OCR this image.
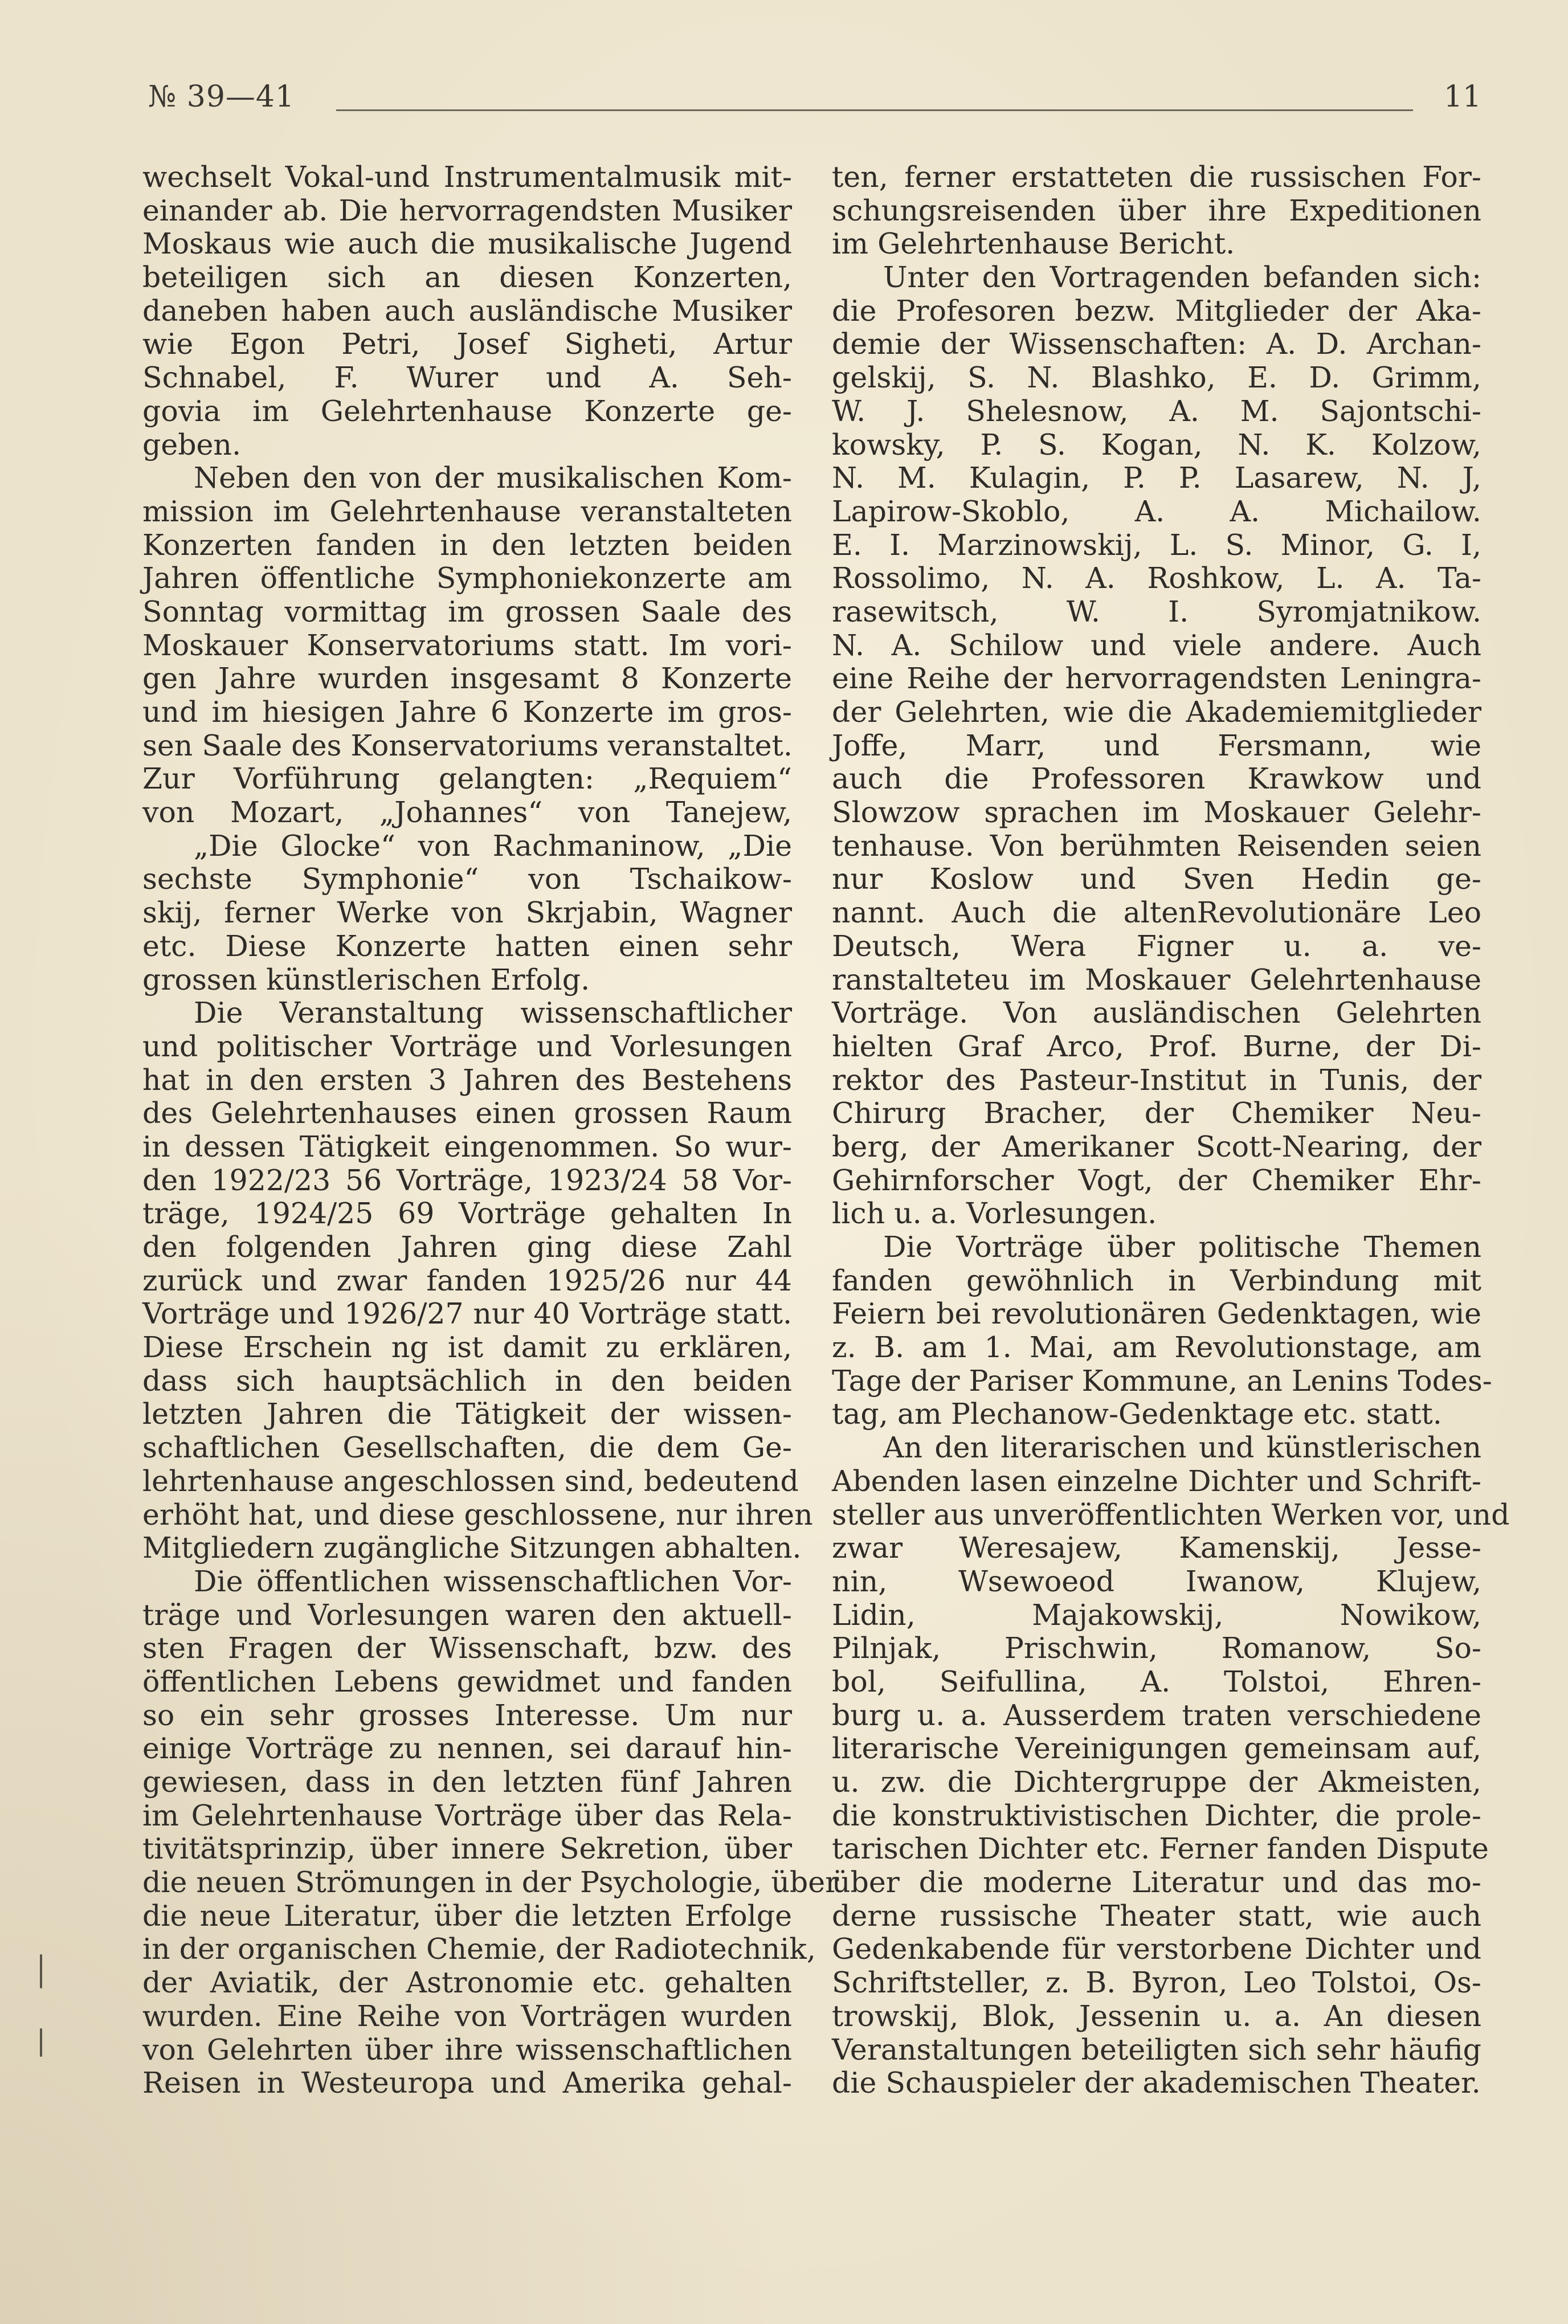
№ 39—41	11
wechselt Vokal-und Instrumentalmusik mit-
einander ab. Die hervorragendsten Musiker
Moskaus wie auch die musikalische Jugend
beteiligen sich an diesen Konzerten,
daneben haben auch ausländische Musiker
wie Egon Petri, Josef Sigheti, Artur
Schnabel, F. Wurer und A. Seh-
govia im Gelehrtenhause Konzerte ge-
geben.
Neben den von der musikalischen Kom-
mission im Gelehrtenhause veranstalteten
Konzerten fanden in den letzten beiden
Jahren öffentliche Symphoniekonzerte am
Sonntag vormittag im grossen Saale des
Moskauer Konservatoriums statt. Im vori-
gen Jahre wurden insgesamt 8 Konzerte
und im hiesigen Jahre 6 Konzerte im gros-
sen Saale des Konservatoriums veranstaltet.
Zur Vorführung gelangten: „Requiem“
von Mozart, „Johannes“ von Tanejew,
„Die Glocke“ von Rachmaninow, „Die
sechste Symphonie“ von Tschaikow-
skij, ferner Werke von Skrjabin, Wagner
etc. Diese Konzerte hatten einen sehr
grossen künstlerischen Erfolg.
Die Veranstaltung wissenschaftlicher
und politischer Vorträge und Vorlesungen
hat in den ersten 3 Jahren des Bestehens
des Gelehrtenhauses einen grossen Raum
in dessen Tätigkeit eingenommen. So wur-
den 1922/23 56 Vorträge, 1923/24 58 Vor-
träge, 1924/25 69 Vorträge gehalten In
den folgenden Jahren ging diese Zahl
zurück und zwar fanden 1925/26 nur 44
Vorträge und 1926/27 nur 40 Vorträge statt.
Diese Erschein ng ist damit zu erklären,
dass sich hauptsächlich in den beiden
letzten Jahren die Tätigkeit der wissen-
schaftlichen Gesellschaften, die dem Ge-
lehrtenhause angeschlossen sind, bedeutend
erhöht hat, und diese geschlossene, nur ihren
Mitgliedern zugängliche Sitzungen abhalten.
Die öffentlichen wissenschaftlichen Vor-
träge und Vorlesungen waren den aktuell-
sten Fragen der Wissenschaft, bzw. des
öffentlichen Lebens gewidmet und fanden
so ein sehr grosses Interesse. Um nur
einige Vorträge zu nennen, sei darauf hin-
gewiesen, dass in den letzten fünf Jahren
im Gelehrtenhause Vorträge über das Rela-
tivitätsprinzip, über innere Sekretion, über
die neuen Strömungen in der Psychologie, über
die neue Literatur, über die letzten Erfolge
in der organischen Chemie, der Radiotechnik,
der Aviatik, der Astronomie etc. gehalten
wurden. Eine Reihe von Vorträgen wurden
von Gelehrten über ihre wissenschaftlichen
Reisen in Westeuropa und Amerika gehal-
ten, ferner erstatteten die russischen For-
schungsreisenden über ihre Expeditionen
im Gelehrtenhause Bericht.
Unter den Vortragenden befanden sich:
die Profesoren bezw. Mitglieder der Aka-
demie der Wissenschaften: A. D. Archan-
gelskij, S. N. Blashko, E. D. Grimm,
W. J. Shelesnow, A. M. Sajontschi-
kowsky, P. S. Kogan, N. K. Kolzow,
N. M. Kulagin, P. P. Lasarew, N. J,
Lapirow-Skoblo, A. A. Michailow.
E. I. Marzinowskij, L. S. Minor, G. I,
Rossolimo, N. A. Roshkow, L. A. Ta-
rasewitsch, W. I. Syromjatnikow.
N. A. Schilow und viele andere. Auch
eine Reihe der hervorragendsten Leningra-
der Gelehrten, wie die Akademiemitglieder
Joffe, Marr, und Fersmann, wie
auch die Professoren Krawkow und
Slowzow sprachen im Moskauer Gelehr-
tenhause. Von berühmten Reisenden seien
nur Koslow und Sven Hedin ge-
nannt. Auch die altenRevolutionäre Leo
Deutsch, Wera Figner u. a. ve-
ranstalteteu im Moskauer Gelehrtenhause
Vorträge. Von ausländischen Gelehrten
hielten Graf Arco, Prof. Burne, der Di-
rektor des Pasteur-Institut in Tunis, der
Chirurg Bracher, der Chemiker Neu-
berg, der Amerikaner Scott-Nearing, der
Gehirnforscher Vogt, der Chemiker Ehr-
lich u. a. Vorlesungen.
Die Vorträge über politische Themen
fanden gewöhnlich in Verbindung mit
Feiern bei revolutionären Gedenktagen, wie
z. B. am 1. Mai, am Revolutionstage, am
Tage der Pariser Kommune, an Lenins Todes-
tag, am Plechanow-Gedenktage etc. statt.
An den literarischen und künstlerischen
Abenden lasen einzelne Dichter und Schrift-
steller aus unveröffentlichten Werken vor, und
zwar Weresajew, Kamenskij, Jesse-
nin, Wsewoeod Iwanow, Klujew,
Lidin, Majakowskij, Nowikow,
Pilnjak, Prischwin, Romanow, So-
bol, Seifullina, A. Tolstoi, Ehren-
burg u. a. Ausserdem traten verschiedene
literarische Vereinigungen gemeinsam auf,
u. zw. die Dichtergruppe der Akmeisten,
die konstruktivistischen Dichter, die prole-
tarischen Dichter etc. Ferner fanden Dispute
über die moderne Literatur und das mo-
derne russische Theater statt, wie auch
Gedenkabende für verstorbene Dichter und
Schriftsteller, z. B. Byron, Leo Tolstoi, Os-
trowskij, Blok, Jessenin u. a. An diesen
Veranstaltungen beteiligten sich sehr häufig
die Schauspieler der akademischen Theater.
